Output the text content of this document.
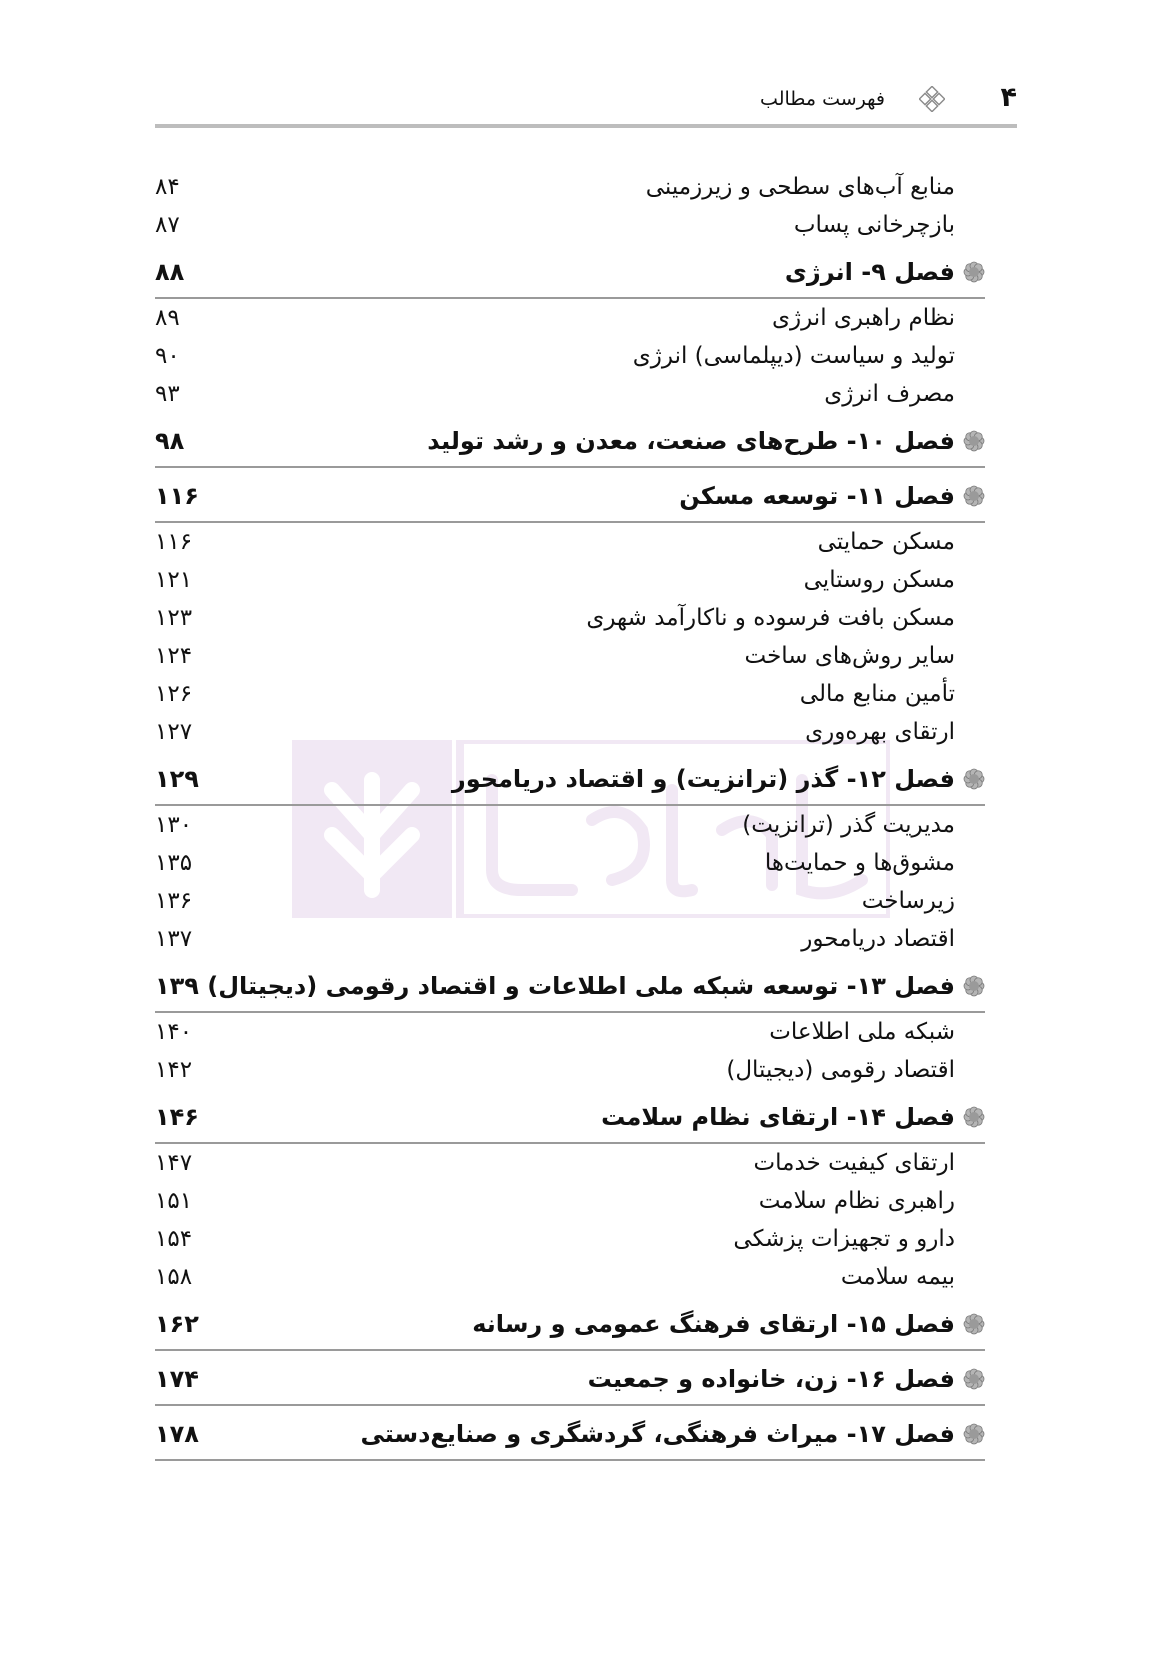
۴
فهرست مطالب
۸۴	منابع آب‌های سطحی و زیرزمینی
۸۷	بازچرخانی پساب
۸۸	فصل ۹- انرژی
۸۹	نظام راهبری انرژی
۹۰	تولید و سیاست (دیپلماسی) انرژی
۹۳	مصرف انرژی
۹۸	فصل ۱۰- طرح‌های صنعت، معدن و رشد تولید
۱۱۶	فصل ۱۱- توسعه مسکن
۱۱۶	مسکن حمایتی
۱۲۱	مسکن روستایی
۱۲۳	مسکن بافت فرسوده و ناکارآمد شهری
۱۲۴	سایر روش‌های ساخت
۱۲۶	تأمین منابع مالی
۱۲۷	ارتقای بهره‌وری
۱۲۹	فصل ۱۲- گذر (ترانزیت) و اقتصاد دریامحور
۱۳۰	مدیریت گذر (ترانزیت)
۱۳۵	مشوق‌ها و حمایت‌ها
۱۳۶	زیرساخت
۱۳۷	اقتصاد دریامحور
۱۳۹ فصل ۱۳- توسعه شبکه ملی اطلاعات و اقتصاد رقومی (دیجیتال)
۱۴۰	شبکه ملی اطلاعات
۱۴۲	اقتصاد رقومی (دیجیتال)
۱۴۶	فصل ۱۴- ارتقای نظام سلامت
۱۴۷	ارتقای کیفیت خدمات
۱۵۱	راهبری نظام سلامت
۱۵۴	دارو و تجهیزات پزشکی
۱۵۸	بیمه سلامت
۱۶۲	فصل ۱۵- ارتقای فرهنگ عمومی و رسانه
۱۷۴	فصل ۱۶- زن، خانواده و جمعیت
۱۷۸	فصل ۱۷- میراث فرهنگی، گردشگری و صنایع‌دستی
